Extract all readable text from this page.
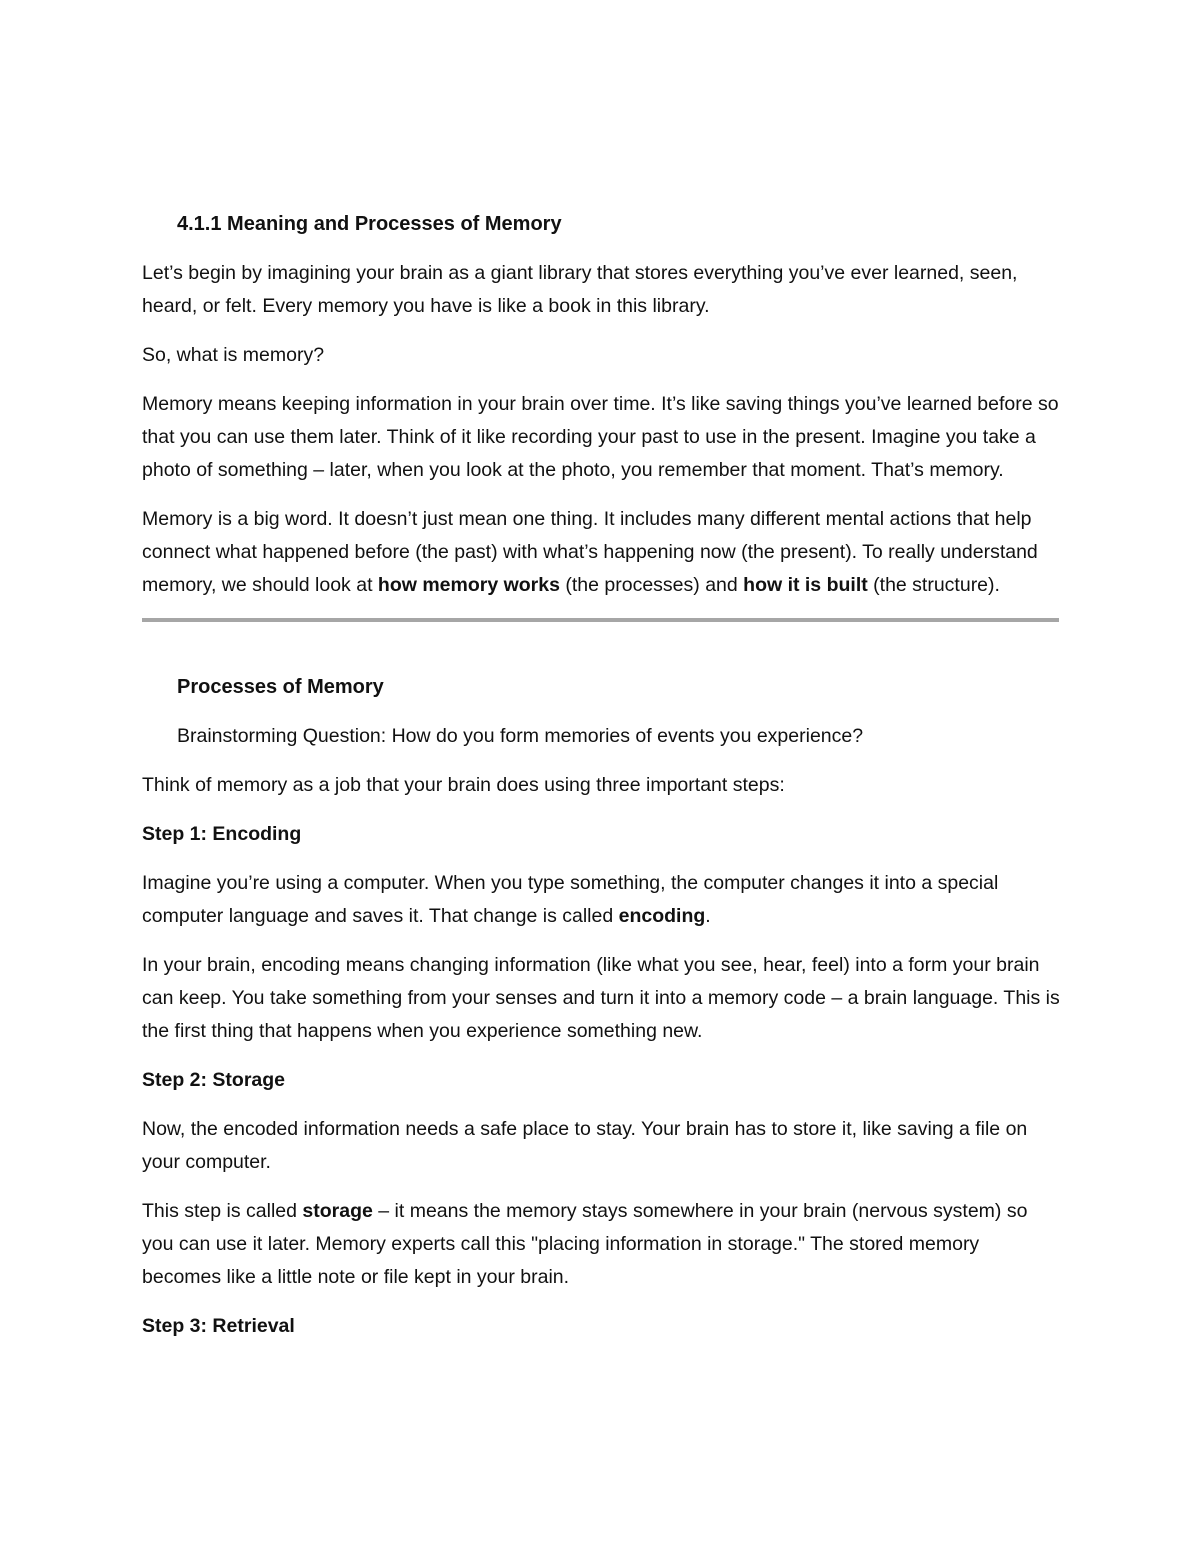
4.1.1 Meaning and Processes of Memory

Let’s begin by imagining your brain as a giant library that stores everything you’ve ever learned, seen, heard, or felt. Every memory you have is like a book in this library.

So, what is memory?

Memory means keeping information in your brain over time. It’s like saving things you’ve learned before so that you can use them later. Think of it like recording your past to use in the present. Imagine you take a photo of something – later, when you look at the photo, you remember that moment. That’s memory.

Memory is a big word. It doesn’t just mean one thing. It includes many different mental actions that help connect what happened before (the past) with what’s happening now (the present). To really understand memory, we should look at how memory works (the processes) and how it is built (the structure).

Processes of Memory

Brainstorming Question: How do you form memories of events you experience?

Think of memory as a job that your brain does using three important steps:

Step 1: Encoding

Imagine you’re using a computer. When you type something, the computer changes it into a special computer language and saves it. That change is called encoding.

In your brain, encoding means changing information (like what you see, hear, feel) into a form your brain can keep. You take something from your senses and turn it into a memory code – a brain language. This is the first thing that happens when you experience something new.

Step 2: Storage

Now, the encoded information needs a safe place to stay. Your brain has to store it, like saving a file on your computer.

This step is called storage – it means the memory stays somewhere in your brain (nervous system) so you can use it later. Memory experts call this "placing information in storage." The stored memory becomes like a little note or file kept in your brain.

Step 3: Retrieval
